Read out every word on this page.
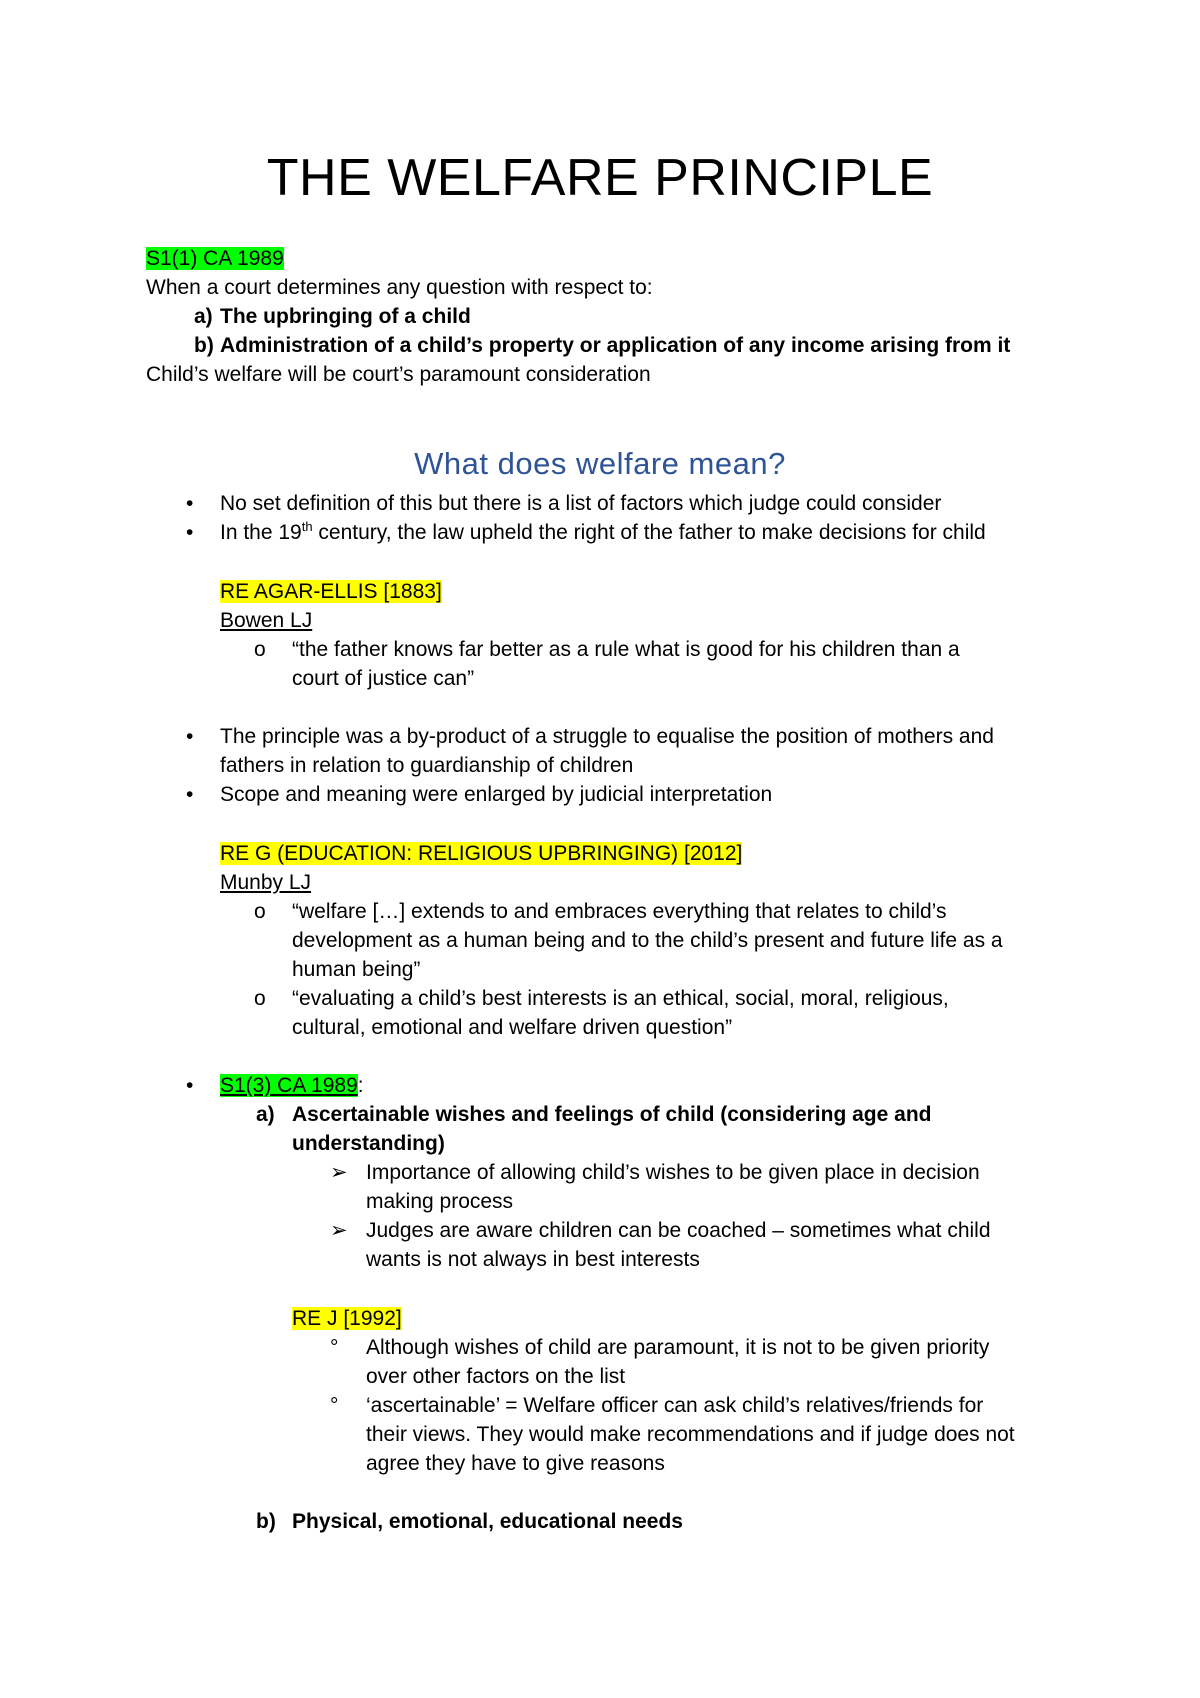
THE WELFARE PRINCIPLE
S1(1) CA 1989
When a court determines any question with respect to:
a) The upbringing of a child
b) Administration of a child’s property or application of any income arising from it
Child’s welfare will be court’s paramount consideration
What does welfare mean?
• No set definition of this but there is a list of factors which judge could consider
• In the 19th century, the law upheld the right of the father to make decisions for child
RE AGAR-ELLIS [1883]
Bowen LJ
o “the father knows far better as a rule what is good for his children than a
court of justice can”
• The principle was a by-product of a struggle to equalise the position of mothers and
fathers in relation to guardianship of children
• Scope and meaning were enlarged by judicial interpretation
RE G (EDUCATION: RELIGIOUS UPBRINGING) [2012]
Munby LJ
o “welfare […] extends to and embraces everything that relates to child’s
development as a human being and to the child’s present and future life as a
human being”
o “evaluating a child’s best interests is an ethical, social, moral, religious,
cultural, emotional and welfare driven question”
• S1(3) CA 1989:
a) Ascertainable wishes and feelings of child (considering age and
understanding)
➢ Importance of allowing child’s wishes to be given place in decision
making process
➢ Judges are aware children can be coached – sometimes what child
wants is not always in best interests
RE J [1992]
° Although wishes of child are paramount, it is not to be given priority
over other factors on the list
° ‘ascertainable’ = Welfare officer can ask child’s relatives/friends for
their views. They would make recommendations and if judge does not
agree they have to give reasons
b) Physical, emotional, educational needs
